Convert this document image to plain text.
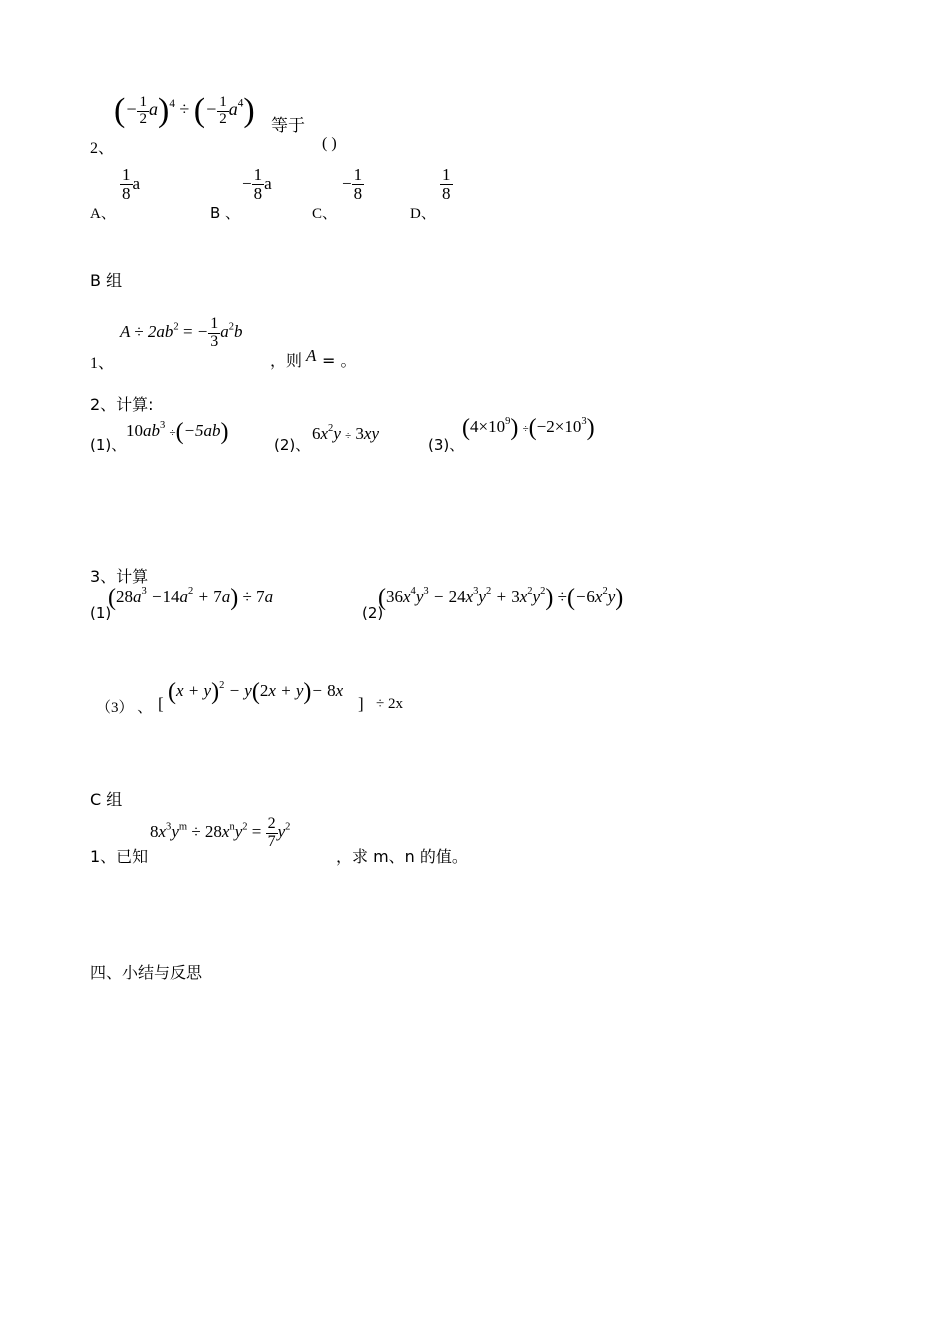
2、
(− $\frac{1}{2} a)^4$ ÷ (− $\frac{1}{2} a^4$) 等于
( )
A、
$\frac{1}{8}$ a
B 、
− $\frac{1}{8}$ a
C、
− $\frac{1}{8}$
D、
$\frac{1}{8}$
B 组
1、
$A \div 2ab^2$ = − $\frac{1}{3} a^2b$
，则 A = 。
2、计算:
(1)、
$10ab^3 \div(-5ab)$	(2)、
$6x^2y \div 3xy$
(3)、
$(4\times 10^9) \div(-2\times 10^3)$
3、计算
(1)
$(28a^3 -14a^2 + 7a) \div 7a$
(2)
$(36x^4y^3 - 24x^3y^2 + 3x^2y^2) \div(-6x^2y)$
（3） 、 [ $(x + y)^2 - y(2x + y)- 8x$
] ÷ 2x
C 组
1、已知
$8x^3y^m \div 28x^ny^2 = \frac{2}{7} y^2$
，求 m、n 的值。
四、小结与反思
